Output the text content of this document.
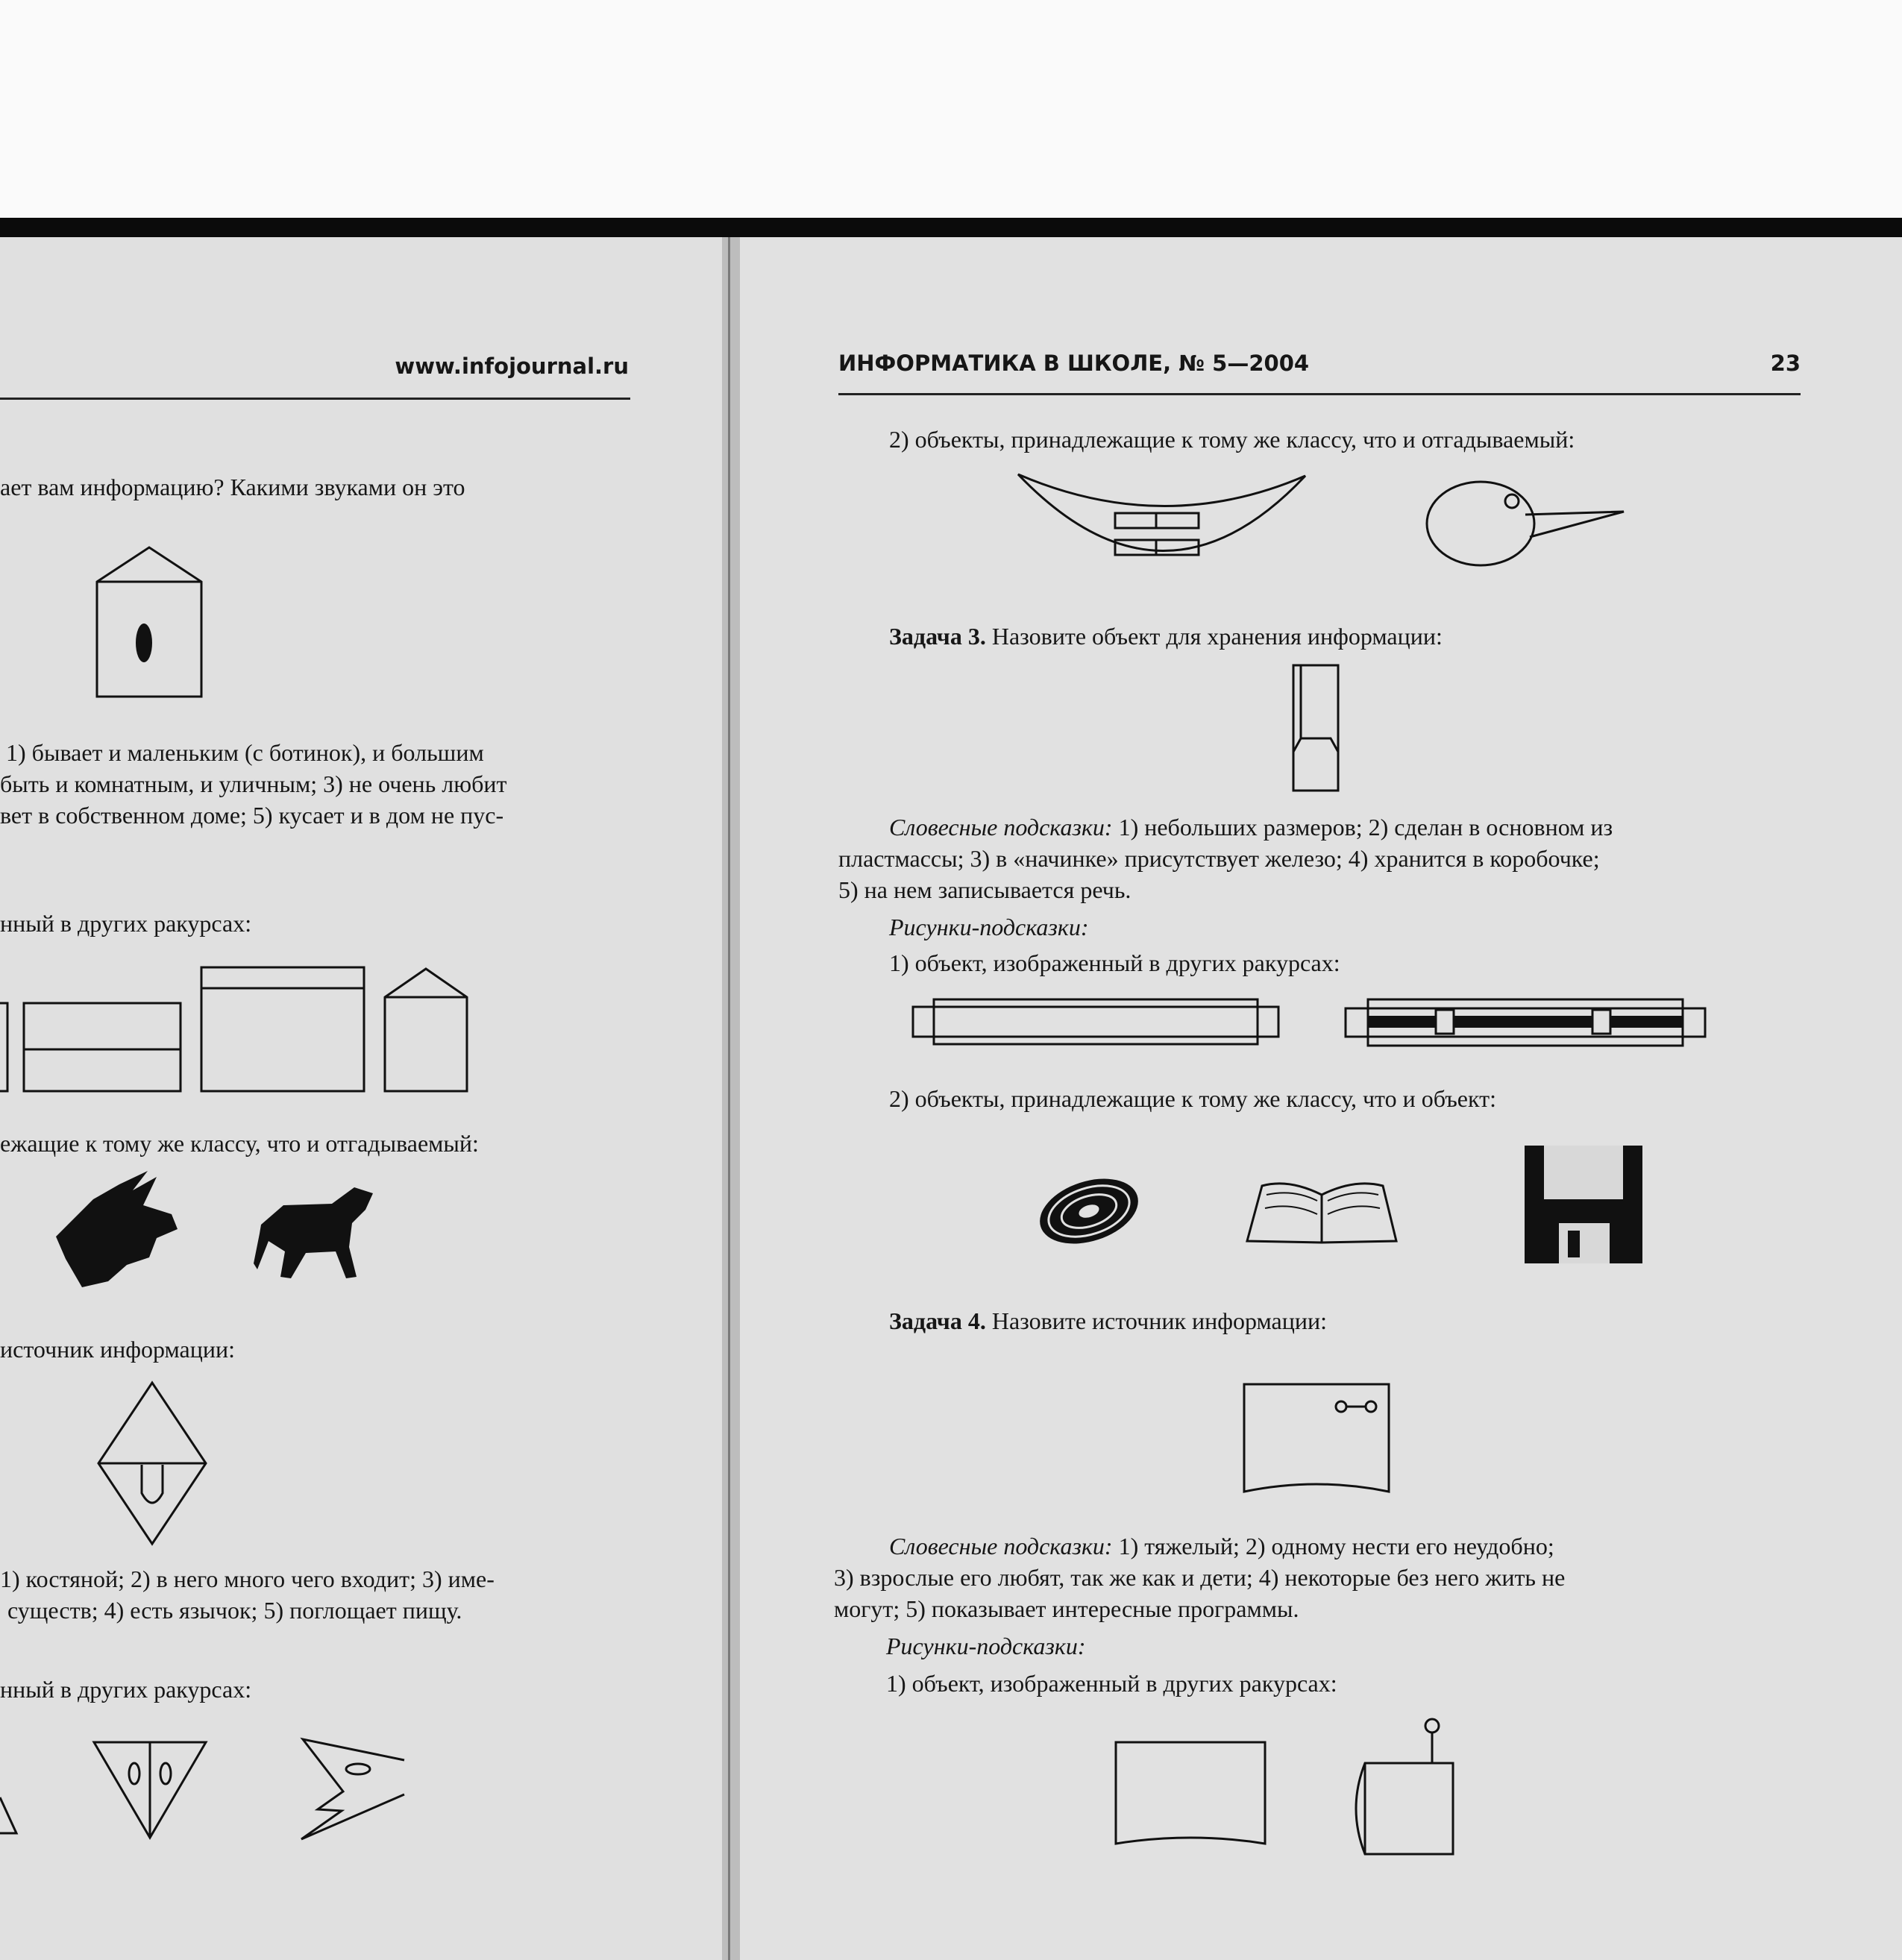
www.infojournal.ru
ает вам информацию? Какими звуками он это
1) бывает и маленьким (с ботинок), и большим
быть и комнатным, и уличным; 3) не очень любит
вет в собственном доме; 5) кусает и в дом не пус-
нный в других ракурсах:
ежащие к тому же классу, что и отгадываемый:
источник информации:
1) костяной; 2) в него много чего входит; 3) име-
существ; 4) есть язычок; 5) поглощает пищу.
нный в других ракурсах:
ИНФОРМАТИКА В ШКОЛЕ, № 5—2004	23
2) объекты, принадлежащие к тому же классу, что и отгадываемый:
Задача 3. Назовите объект для хранения информации:
Словесные подсказки: 1) небольших размеров; 2) сделан в основном из
пластмассы; 3) в «начинке» присутствует железо; 4) хранится в коробочке;
5) на нем записывается речь.
Рисунки-подсказки:
1) объект, изображенный в других ракурсах:
2) объекты, принадлежащие к тому же классу, что и объект:
Задача 4. Назовите источник информации:
Словесные подсказки: 1) тяжелый; 2) одному нести его неудобно;
3) взрослые его любят, так же как и дети; 4) некоторые без него жить не
могут; 5) показывает интересные программы.
Рисунки-подсказки:
1) объект, изображенный в других ракурсах:
